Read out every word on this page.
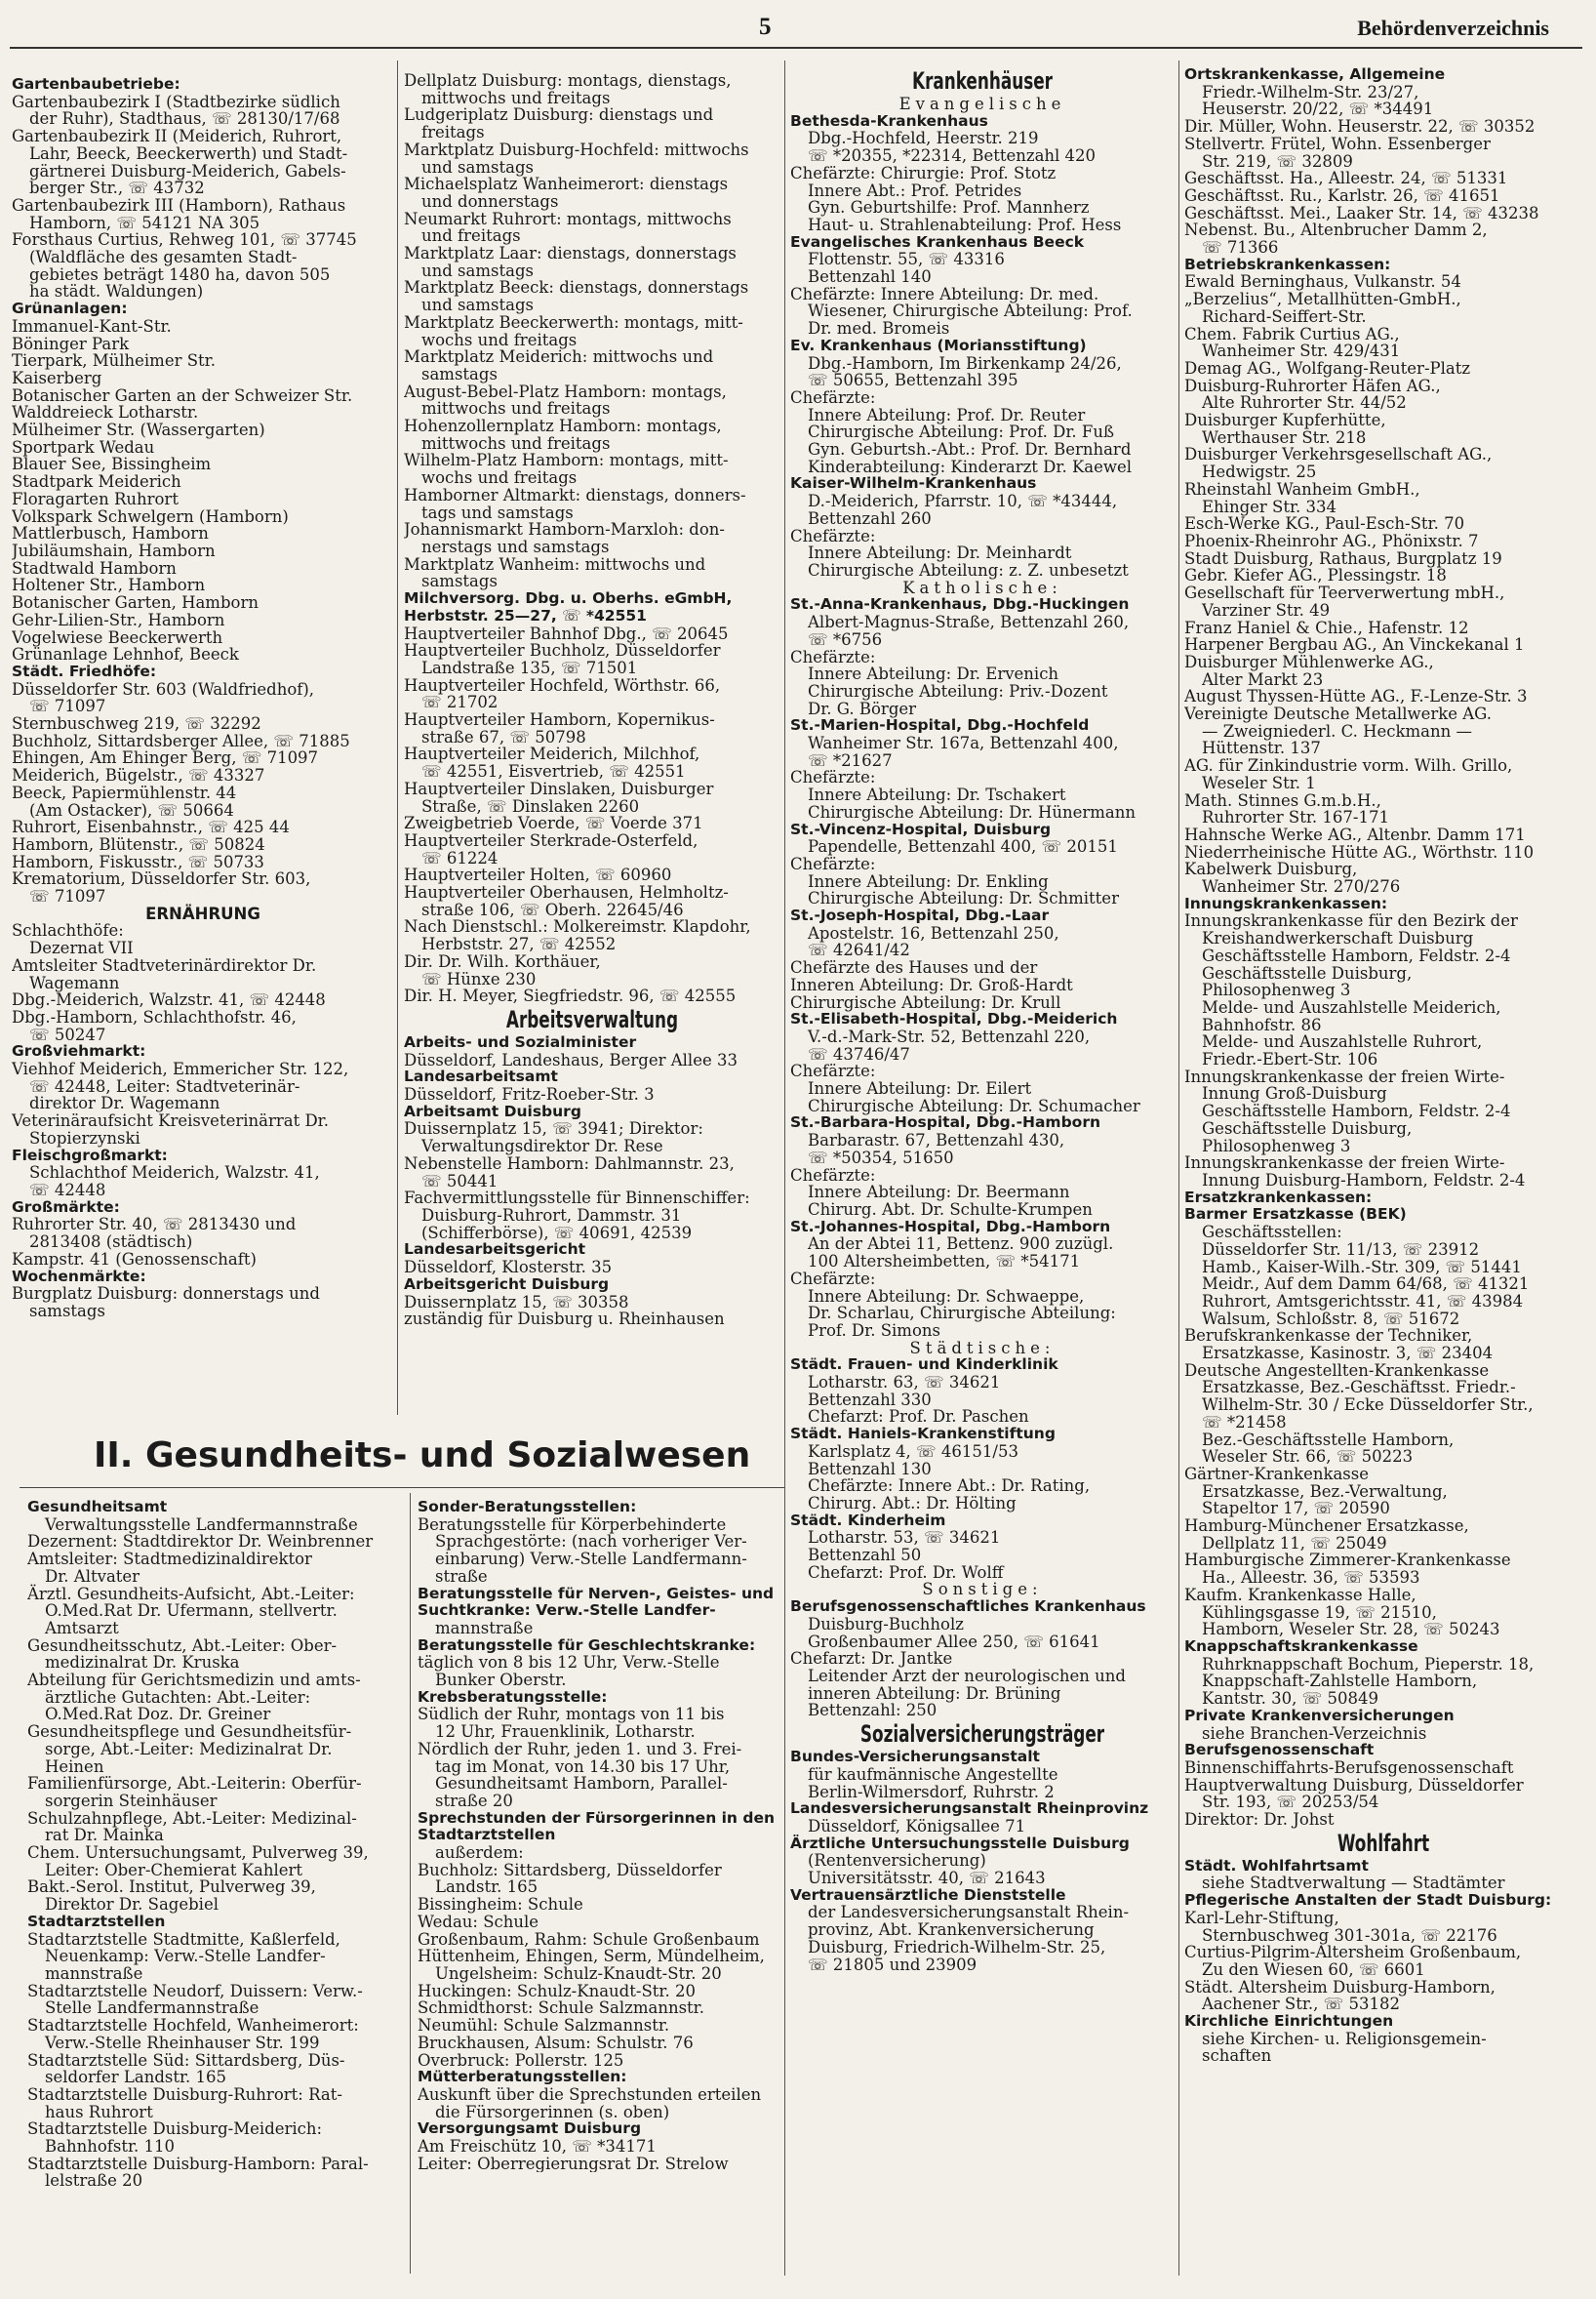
5	Behördenverzeichnis
Gartenbaubetriebe:
Gartenbaubezirk I (Stadtbezirke südlich
der Ruhr), Stadthaus, ☏ 28130/17/68
Gartenbaubezirk II (Meiderich, Ruhrort,
Lahr, Beeck, Beeckerwerth) und Stadt-
gärtnerei Duisburg-Meiderich, Gabels-
berger Str., ☏ 43732
Gartenbaubezirk III (Hamborn), Rathaus
Hamborn, ☏ 54121 NA 305
Forsthaus Curtius, Rehweg 101, ☏ 37745
(Waldfläche des gesamten Stadt-
gebietes beträgt 1480 ha, davon 505
ha städt. Waldungen)
Grünanlagen:
Immanuel-Kant-Str.
Böninger Park
Tierpark, Mülheimer Str.
Kaiserberg
Botanischer Garten an der Schweizer Str.
Walddreieck Lotharstr.
Mülheimer Str. (Wassergarten)
Sportpark Wedau
Blauer See, Bissingheim
Stadtpark Meiderich
Floragarten Ruhrort
Volkspark Schwelgern (Hamborn)
Mattlerbusch, Hamborn
Jubiläumshain, Hamborn
Stadtwald Hamborn
Holtener Str., Hamborn
Botanischer Garten, Hamborn
Gehr-Lilien-Str., Hamborn
Vogelwiese Beeckerwerth
Grünanlage Lehnhof, Beeck
Städt. Friedhöfe:
Düsseldorfer Str. 603 (Waldfriedhof),
☏ 71097
Sternbuschweg 219, ☏ 32292
Buchholz, Sittardsberger Allee, ☏ 71885
Ehingen, Am Ehinger Berg, ☏ 71097
Meiderich, Bügelstr., ☏ 43327
Beeck, Papiermühlenstr. 44
(Am Ostacker), ☏ 50664
Ruhrort, Eisenbahnstr., ☏ 425 44
Hamborn, Blütenstr., ☏ 50824
Hamborn, Fiskusstr., ☏ 50733
Krematorium, Düsseldorfer Str. 603,
☏ 71097
ERNÄHRUNG
Schlachthöfe:
Dezernat VII
Amtsleiter Stadtveterinärdirektor Dr.
Wagemann
Dbg.-Meiderich, Walzstr. 41, ☏ 42448
Dbg.-Hamborn, Schlachthofstr. 46,
☏ 50247
Großviehmarkt:
Viehhof Meiderich, Emmericher Str. 122,
☏ 42448, Leiter: Stadtveterinär-
direktor Dr. Wagemann
Veterinäraufsicht Kreisveterinärrat Dr.
Stopierzynski
Fleischgroßmarkt:
Schlachthof Meiderich, Walzstr. 41,
☏ 42448
Großmärkte:
Ruhrorter Str. 40, ☏ 2813430 und
2813408 (städtisch)
Kampstr. 41 (Genossenschaft)
Wochenmärkte:
Burgplatz Duisburg: donnerstags und
samstags
Dellplatz Duisburg: montags, dienstags,
mittwochs und freitags
Ludgeriplatz Duisburg: dienstags und
freitags
Marktplatz Duisburg-Hochfeld: mittwochs
und samstags
Michaelsplatz Wanheimerort: dienstags
und donnerstags
Neumarkt Ruhrort: montags, mittwochs
und freitags
Marktplatz Laar: dienstags, donnerstags
und samstags
Marktplatz Beeck: dienstags, donnerstags
und samstags
Marktplatz Beeckerwerth: montags, mitt-
wochs und freitags
Marktplatz Meiderich: mittwochs und
samstags
August-Bebel-Platz Hamborn: montags,
mittwochs und freitags
Hohenzollernplatz Hamborn: montags,
mittwochs und freitags
Wilhelm-Platz Hamborn: montags, mitt-
wochs und freitags
Hamborner Altmarkt: dienstags, donners-
tags und samstags
Johannismarkt Hamborn-Marxloh: don-
nerstags und samstags
Marktplatz Wanheim: mittwochs und
samstags
Milchversorg. Dbg. u. Oberhs. eGmbH,
Herbststr. 25—27, ☏ *42551
Hauptverteiler Bahnhof Dbg., ☏ 20645
Hauptverteiler Buchholz, Düsseldorfer
Landstraße 135, ☏ 71501
Hauptverteiler Hochfeld, Wörthstr. 66,
☏ 21702
Hauptverteiler Hamborn, Kopernikus-
straße 67, ☏ 50798
Hauptverteiler Meiderich, Milchhof,
☏ 42551, Eisvertrieb, ☏ 42551
Hauptverteiler Dinslaken, Duisburger
Straße, ☏ Dinslaken 2260
Zweigbetrieb Voerde, ☏ Voerde 371
Hauptverteiler Sterkrade-Osterfeld,
☏ 61224
Hauptverteiler Holten, ☏ 60960
Hauptverteiler Oberhausen, Helmholtz-
straße 106, ☏ Oberh. 22645/46
Nach Dienstschl.: Molkereimstr. Klapdohr,
Herbststr. 27, ☏ 42552
Dir. Dr. Wilh. Korthäuer,
☏ Hünxe 230
Dir. H. Meyer, Siegfriedstr. 96, ☏ 42555
Arbeitsverwaltung
Arbeits- und Sozialminister
Düsseldorf, Landeshaus, Berger Allee 33
Landesarbeitsamt
Düsseldorf, Fritz-Roeber-Str. 3
Arbeitsamt Duisburg
Duissernplatz 15, ☏ 3941; Direktor:
Verwaltungsdirektor Dr. Rese
Nebenstelle Hamborn: Dahlmannstr. 23,
☏ 50441
Fachvermittlungsstelle für Binnenschiffer:
Duisburg-Ruhrort, Dammstr. 31
(Schifferbörse), ☏ 40691, 42539
Landesarbeitsgericht
Düsseldorf, Klosterstr. 35
Arbeitsgericht Duisburg
Duissernplatz 15, ☏ 30358
zuständig für Duisburg u. Rheinhausen
Krankenhäuser
Evangelische
Bethesda-Krankenhaus
Dbg.-Hochfeld, Heerstr. 219
☏ *20355, *22314, Bettenzahl 420
Chefärzte: Chirurgie: Prof. Stotz
Innere Abt.: Prof. Petrides
Gyn. Geburtshilfe: Prof. Mannherz
Haut- u. Strahlenabteilung: Prof. Hess
Evangelisches Krankenhaus Beeck
Flottenstr. 55, ☏ 43316
Bettenzahl 140
Chefärzte: Innere Abteilung: Dr. med.
Wiesener, Chirurgische Abteilung: Prof.
Dr. med. Bromeis
Ev. Krankenhaus (Moriansstiftung)
Dbg.-Hamborn, Im Birkenkamp 24/26,
☏ 50655, Bettenzahl 395
Chefärzte:
Innere Abteilung: Prof. Dr. Reuter
Chirurgische Abteilung: Prof. Dr. Fuß
Gyn. Geburtsh.-Abt.: Prof. Dr. Bernhard
Kinderabteilung: Kinderarzt Dr. Kaewel
Kaiser-Wilhelm-Krankenhaus
D.-Meiderich, Pfarrstr. 10, ☏ *43444,
Bettenzahl 260
Chefärzte:
Innere Abteilung: Dr. Meinhardt
Chirurgische Abteilung: z. Z. unbesetzt
Katholische:
St.-Anna-Krankenhaus, Dbg.-Huckingen
Albert-Magnus-Straße, Bettenzahl 260,
☏ *6756
Chefärzte:
Innere Abteilung: Dr. Ervenich
Chirurgische Abteilung: Priv.-Dozent
Dr. G. Börger
St.-Marien-Hospital, Dbg.-Hochfeld
Wanheimer Str. 167a, Bettenzahl 400,
☏ *21627
Chefärzte:
Innere Abteilung: Dr. Tschakert
Chirurgische Abteilung: Dr. Hünermann
St.-Vincenz-Hospital, Duisburg
Papendelle, Bettenzahl 400, ☏ 20151
Chefärzte:
Innere Abteilung: Dr. Enkling
Chirurgische Abteilung: Dr. Schmitter
St.-Joseph-Hospital, Dbg.-Laar
Apostelstr. 16, Bettenzahl 250,
☏ 42641/42
Chefärzte des Hauses und der
Inneren Abteilung: Dr. Groß-Hardt
Chirurgische Abteilung: Dr. Krull
St.-Elisabeth-Hospital, Dbg.-Meiderich
V.-d.-Mark-Str. 52, Bettenzahl 220,
☏ 43746/47
Chefärzte:
Innere Abteilung: Dr. Eilert
Chirurgische Abteilung: Dr. Schumacher
St.-Barbara-Hospital, Dbg.-Hamborn
Barbarastr. 67, Bettenzahl 430,
☏ *50354, 51650
Chefärzte:
Innere Abteilung: Dr. Beermann
Chirurg. Abt. Dr. Schulte-Krumpen
St.-Johannes-Hospital, Dbg.-Hamborn
An der Abtei 11, Bettenz. 900 zuzügl.
100 Altersheimbetten, ☏ *54171
Chefärzte:
Innere Abteilung: Dr. Schwaeppe,
Dr. Scharlau, Chirurgische Abteilung:
Prof. Dr. Simons
Städtische:
Städt. Frauen- und Kinderklinik
Lotharstr. 63, ☏ 34621
Bettenzahl 330
Chefarzt: Prof. Dr. Paschen
Städt. Haniels-Krankenstiftung
Karlsplatz 4, ☏ 46151/53
Bettenzahl 130
Chefärzte: Innere Abt.: Dr. Rating,
Chirurg. Abt.: Dr. Hölting
Städt. Kinderheim
Lotharstr. 53, ☏ 34621
Bettenzahl 50
Chefarzt: Prof. Dr. Wolff
Sonstige:
Berufsgenossenschaftliches Krankenhaus
Duisburg-Buchholz
Großenbaumer Allee 250, ☏ 61641
Chefarzt: Dr. Jantke
Leitender Arzt der neurologischen und
inneren Abteilung: Dr. Brüning
Bettenzahl: 250
Sozialversicherungsträger
Bundes-Versicherungsanstalt
für kaufmännische Angestellte
Berlin-Wilmersdorf, Ruhrstr. 2
Landesversicherungsanstalt Rheinprovinz
Düsseldorf, Königsallee 71
Ärztliche Untersuchungsstelle Duisburg
(Rentenversicherung)
Universitätsstr. 40, ☏ 21643
Vertrauensärztliche Dienststelle
der Landesversicherungsanstalt Rhein-
provinz, Abt. Krankenversicherung
Duisburg, Friedrich-Wilhelm-Str. 25,
☏ 21805 und 23909
Ortskrankenkasse, Allgemeine
Friedr.-Wilhelm-Str. 23/27,
Heuserstr. 20/22, ☏ *34491
Dir. Müller, Wohn. Heuserstr. 22, ☏ 30352
Stellvertr. Frütel, Wohn. Essenberger
Str. 219, ☏ 32809
Geschäftsst. Ha., Alleestr. 24, ☏ 51331
Geschäftsst. Ru., Karlstr. 26, ☏ 41651
Geschäftsst. Mei., Laaker Str. 14, ☏ 43238
Nebenst. Bu., Altenbrucher Damm 2,
☏ 71366
Betriebskrankenkassen:
Ewald Berninghaus, Vulkanstr. 54
„Berzelius“, Metallhütten-GmbH.,
Richard-Seiffert-Str.
Chem. Fabrik Curtius AG.,
Wanheimer Str. 429/431
Demag AG., Wolfgang-Reuter-Platz
Duisburg-Ruhrorter Häfen AG.,
Alte Ruhrorter Str. 44/52
Duisburger Kupferhütte,
Werthauser Str. 218
Duisburger Verkehrsgesellschaft AG.,
Hedwigstr. 25
Rheinstahl Wanheim GmbH.,
Ehinger Str. 334
Esch-Werke KG., Paul-Esch-Str. 70
Phoenix-Rheinrohr AG., Phönixstr. 7
Stadt Duisburg, Rathaus, Burgplatz 19
Gebr. Kiefer AG., Plessingstr. 18
Gesellschaft für Teerverwertung mbH.,
Varziner Str. 49
Franz Haniel & Chie., Hafenstr. 12
Harpener Bergbau AG., An Vinckekanal 1
Duisburger Mühlenwerke AG.,
Alter Markt 23
August Thyssen-Hütte AG., F.-Lenze-Str. 3
Vereinigte Deutsche Metallwerke AG.
— Zweigniederl. C. Heckmann —
Hüttenstr. 137
AG. für Zinkindustrie vorm. Wilh. Grillo,
Weseler Str. 1
Math. Stinnes G.m.b.H.,
Ruhrorter Str. 167-171
Hahnsche Werke AG., Altenbr. Damm 171
Niederrheinische Hütte AG., Wörthstr. 110
Kabelwerk Duisburg,
Wanheimer Str. 270/276
Innungskrankenkassen:
Innungskrankenkasse für den Bezirk der
Kreishandwerkerschaft Duisburg
Geschäftsstelle Hamborn, Feldstr. 2-4
Geschäftsstelle Duisburg,
Philosophenweg 3
Melde- und Auszahlstelle Meiderich,
Bahnhofstr. 86
Melde- und Auszahlstelle Ruhrort,
Friedr.-Ebert-Str. 106
Innungskrankenkasse der freien Wirte-
Innung Groß-Duisburg
Geschäftsstelle Hamborn, Feldstr. 2-4
Geschäftsstelle Duisburg,
Philosophenweg 3
Innungskrankenkasse der freien Wirte-
Innung Duisburg-Hamborn, Feldstr. 2-4
Ersatzkrankenkassen:
Barmer Ersatzkasse (BEK)
Geschäftsstellen:
Düsseldorfer Str. 11/13, ☏ 23912
Hamb., Kaiser-Wilh.-Str. 309, ☏ 51441
Meidr., Auf dem Damm 64/68, ☏ 41321
Ruhrort, Amtsgerichtsstr. 41, ☏ 43984
Walsum, Schloßstr. 8, ☏ 51672
Berufskrankenkasse der Techniker,
Ersatzkasse, Kasinostr. 3, ☏ 23404
Deutsche Angestellten-Krankenkasse
Ersatzkasse, Bez.-Geschäftsst. Friedr.-
Wilhelm-Str. 30 / Ecke Düsseldorfer Str.,
☏ *21458
Bez.-Geschäftsstelle Hamborn,
Weseler Str. 66, ☏ 50223
Gärtner-Krankenkasse
Ersatzkasse, Bez.-Verwaltung,
Stapeltor 17, ☏ 20590
Hamburg-Münchener Ersatzkasse,
Dellplatz 11, ☏ 25049
Hamburgische Zimmerer-Krankenkasse
Ha., Alleestr. 36, ☏ 53593
Kaufm. Krankenkasse Halle,
Kühlingsgasse 19, ☏ 21510,
Hamborn, Weseler Str. 28, ☏ 50243
Knappschaftskrankenkasse
Ruhrknappschaft Bochum, Pieperstr. 18,
Knappschaft-Zahlstelle Hamborn,
Kantstr. 30, ☏ 50849
Private Krankenversicherungen
siehe Branchen-Verzeichnis
Berufsgenossenschaft
Binnenschiffahrts-Berufsgenossenschaft
Hauptverwaltung Duisburg, Düsseldorfer
Str. 193, ☏ 20253/54
Direktor: Dr. Johst
Wohlfahrt
Städt. Wohlfahrtsamt
siehe Stadtverwaltung — Stadtämter
Pflegerische Anstalten der Stadt Duisburg:
Karl-Lehr-Stiftung,
Sternbuschweg 301-301a, ☏ 22176
Curtius-Pilgrim-Altersheim Großenbaum,
Zu den Wiesen 60, ☏ 6601
Städt. Altersheim Duisburg-Hamborn,
Aachener Str., ☏ 53182
Kirchliche Einrichtungen
siehe Kirchen- u. Religionsgemein-
schaften
II. Gesundheits- und Sozialwesen
Gesundheitsamt
Verwaltungsstelle Landfermannstraße
Dezernent: Stadtdirektor Dr. Weinbrenner
Amtsleiter: Stadtmedizinaldirektor
Dr. Altvater
Ärztl. Gesundheits-Aufsicht, Abt.-Leiter:
O.Med.Rat Dr. Ufermann, stellvertr.
Amtsarzt
Gesundheitsschutz, Abt.-Leiter: Ober-
medizinalrat Dr. Kruska
Abteilung für Gerichtsmedizin und amts-
ärztliche Gutachten: Abt.-Leiter:
O.Med.Rat Doz. Dr. Greiner
Gesundheitspflege und Gesundheitsfür-
sorge, Abt.-Leiter: Medizinalrat Dr.
Heinen
Familienfürsorge, Abt.-Leiterin: Oberfür-
sorgerin Steinhäuser
Schulzahnpflege, Abt.-Leiter: Medizinal-
rat Dr. Mainka
Chem. Untersuchungsamt, Pulverweg 39,
Leiter: Ober-Chemierat Kahlert
Bakt.-Serol. Institut, Pulverweg 39,
Direktor Dr. Sagebiel
Stadtarztstellen
Stadtarztstelle Stadtmitte, Kaßlerfeld,
Neuenkamp: Verw.-Stelle Landfer-
mannstraße
Stadtarztstelle Neudorf, Duissern: Verw.-
Stelle Landfermannstraße
Stadtarztstelle Hochfeld, Wanheimerort:
Verw.-Stelle Rheinhauser Str. 199
Stadtarztstelle Süd: Sittardsberg, Düs-
seldorfer Landstr. 165
Stadtarztstelle Duisburg-Ruhrort: Rat-
haus Ruhrort
Stadtarztstelle Duisburg-Meiderich:
Bahnhofstr. 110
Stadtarztstelle Duisburg-Hamborn: Paral-
lelstraße 20
Sonder-Beratungsstellen:
Beratungsstelle für Körperbehinderte
Sprachgestörte: (nach vorheriger Ver-
einbarung) Verw.-Stelle Landfermann-
straße
Beratungsstelle für Nerven-, Geistes- und
Suchtkranke: Verw.-Stelle Landfer-
mannstraße
Beratungsstelle für Geschlechtskranke:
täglich von 8 bis 12 Uhr, Verw.-Stelle
Bunker Oberstr.
Krebsberatungsstelle:
Südlich der Ruhr, montags von 11 bis
12 Uhr, Frauenklinik, Lotharstr.
Nördlich der Ruhr, jeden 1. und 3. Frei-
tag im Monat, von 14.30 bis 17 Uhr,
Gesundheitsamt Hamborn, Parallel-
straße 20
Sprechstunden der Fürsorgerinnen in den
Stadtarztstellen
außerdem:
Buchholz: Sittardsberg, Düsseldorfer
Landstr. 165
Bissingheim: Schule
Wedau: Schule
Großenbaum, Rahm: Schule Großenbaum
Hüttenheim, Ehingen, Serm, Mündelheim,
Ungelsheim: Schulz-Knaudt-Str. 20
Huckingen: Schulz-Knaudt-Str. 20
Schmidthorst: Schule Salzmannstr.
Neumühl: Schule Salzmannstr.
Bruckhausen, Alsum: Schulstr. 76
Overbruck: Pollerstr. 125
Mütterberatungsstellen:
Auskunft über die Sprechstunden erteilen
die Fürsorgerinnen (s. oben)
Versorgungsamt Duisburg
Am Freischütz 10, ☏ *34171
Leiter: Oberregierungsrat Dr. Strelow
